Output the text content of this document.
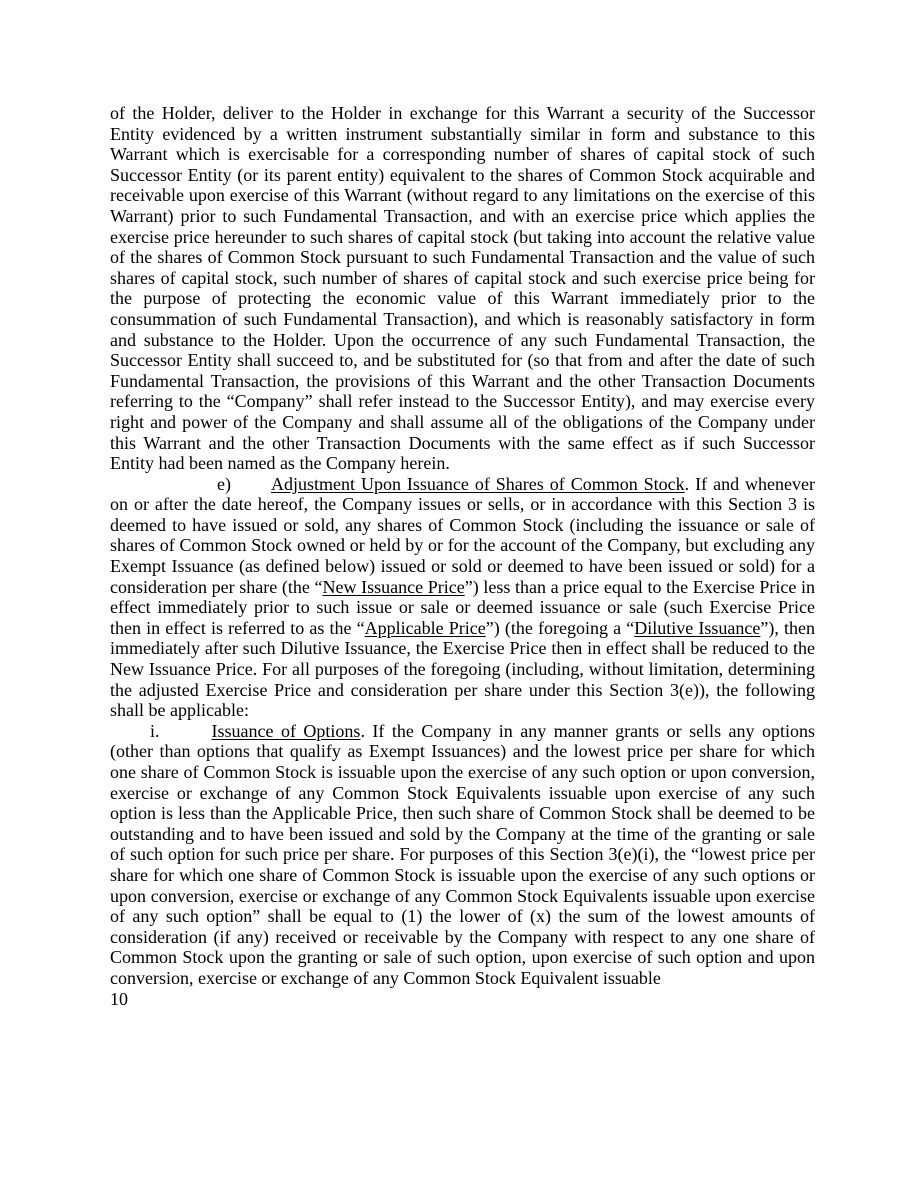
of the Holder, deliver to the Holder in exchange for this Warrant a security of the Successor Entity evidenced by a written instrument substantially similar in form and substance to this Warrant which is exercisable for a corresponding number of shares of capital stock of such Successor Entity (or its parent entity) equivalent to the shares of Common Stock acquirable and receivable upon exercise of this Warrant (without regard to any limitations on the exercise of this Warrant) prior to such Fundamental Transaction, and with an exercise price which applies the exercise price hereunder to such shares of capital stock (but taking into account the relative value of the shares of Common Stock pursuant to such Fundamental Transaction and the value of such shares of capital stock, such number of shares of capital stock and such exercise price being for the purpose of protecting the economic value of this Warrant immediately prior to the consummation of such Fundamental Transaction), and which is reasonably satisfactory in form and substance to the Holder. Upon the occurrence of any such Fundamental Transaction, the Successor Entity shall succeed to, and be substituted for (so that from and after the date of such Fundamental Transaction, the provisions of this Warrant and the other Transaction Documents referring to the “Company” shall refer instead to the Successor Entity), and may exercise every right and power of the Company and shall assume all of the obligations of the Company under this Warrant and the other Transaction Documents with the same effect as if such Successor Entity had been named as the Company herein.

e) Adjustment Upon Issuance of Shares of Common Stock. If and whenever on or after the date hereof, the Company issues or sells, or in accordance with this Section 3 is deemed to have issued or sold, any shares of Common Stock (including the issuance or sale of shares of Common Stock owned or held by or for the account of the Company, but excluding any Exempt Issuance (as defined below) issued or sold or deemed to have been issued or sold) for a consideration per share (the “New Issuance Price”) less than a price equal to the Exercise Price in effect immediately prior to such issue or sale or deemed issuance or sale (such Exercise Price then in effect is referred to as the “Applicable Price”) (the foregoing a “Dilutive Issuance”), then immediately after such Dilutive Issuance, the Exercise Price then in effect shall be reduced to the New Issuance Price. For all purposes of the foregoing (including, without limitation, determining the adjusted Exercise Price and consideration per share under this Section 3(e)), the following shall be applicable:

i.	Issuance of Options. If the Company in any manner grants or sells any options (other than options that qualify as Exempt Issuances) and the lowest price per share for which one share of Common Stock is issuable upon the exercise of any such option or upon conversion, exercise or exchange of any Common Stock Equivalents issuable upon exercise of any such option is less than the Applicable Price, then such share of Common Stock shall be deemed to be outstanding and to have been issued and sold by the Company at the time of the granting or sale of such option for such price per share. For purposes of this Section 3(e)(i), the “lowest price per share for which one share of Common Stock is issuable upon the exercise of any such options or upon conversion, exercise or exchange of any Common Stock Equivalents issuable upon exercise of any such option” shall be equal to (1) the lower of (x) the sum of the lowest amounts of consideration (if any) received or receivable by the Company with respect to any one share of Common Stock upon the granting or sale of such option, upon exercise of such option and upon conversion, exercise or exchange of any Common Stock Equivalent issuable

10
